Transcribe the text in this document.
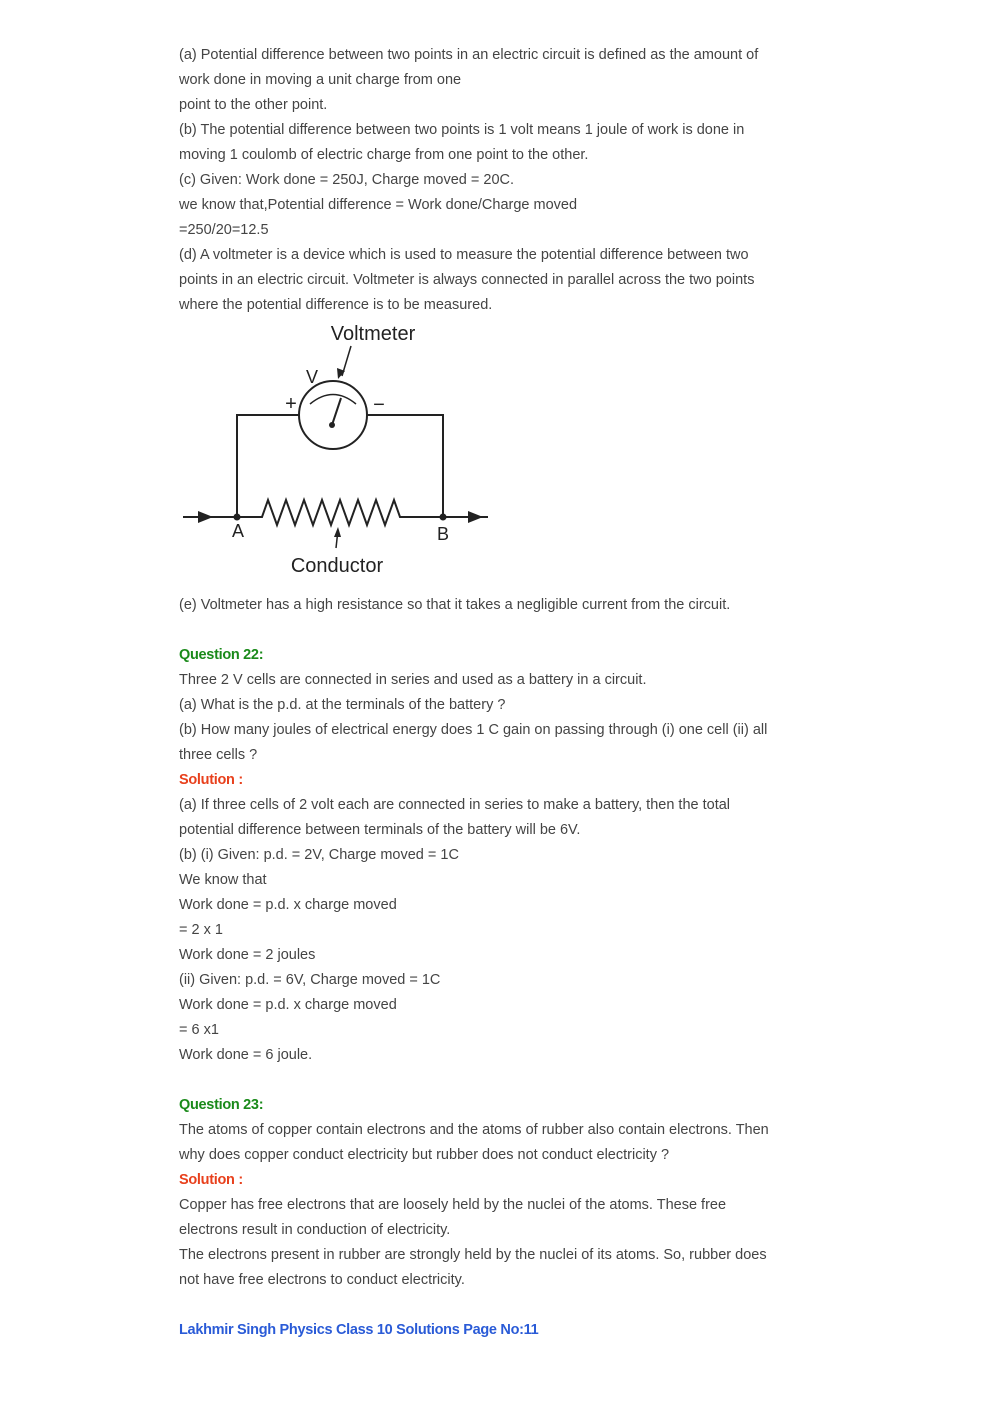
(a) Potential difference between two points in an electric circuit is defined as the amount of
work done in moving a unit charge from one
point to the other point.
(b) The potential difference between two points is 1 volt means 1 joule of work is done in
moving 1 coulomb of electric charge from one point to the other.
(c) Given: Work done = 250J, Charge moved = 20C.
we know that,Potential difference = Work done/Charge moved
=250/20=12.5
(d) A voltmeter is a device which is used to measure the potential difference between two
points in an electric circuit. Voltmeter is always connected in parallel across the two points
where the potential difference is to be measured.
Voltmeter
V
+	−
A	B
Conductor
(e) Voltmeter has a high resistance so that it takes a negligible current from the circuit.
Question 22:
Three 2 V cells are connected in series and used as a battery in a circuit.
(a) What is the p.d. at the terminals of the battery ?
(b) How many joules of electrical energy does 1 C gain on passing through (i) one cell (ii) all
three cells ?
Solution :
(a) If three cells of 2 volt each are connected in series to make a battery, then the total
potential difference between terminals of the battery will be 6V.
(b) (i) Given: p.d. = 2V, Charge moved = 1C
We know that
Work done = p.d. x charge moved
= 2 x 1
Work done = 2 joules
(ii) Given: p.d. = 6V, Charge moved = 1C
Work done = p.d. x charge moved
= 6 x1
Work done = 6 joule.
Question 23:
The atoms of copper contain electrons and the atoms of rubber also contain electrons. Then
why does copper conduct electricity but rubber does not conduct electricity ?
Solution :
Copper has free electrons that are loosely held by the nuclei of the atoms. These free
electrons result in conduction of electricity.
The electrons present in rubber are strongly held by the nuclei of its atoms. So, rubber does
not have free electrons to conduct electricity.
Lakhmir Singh Physics Class 10 Solutions Page No:11
